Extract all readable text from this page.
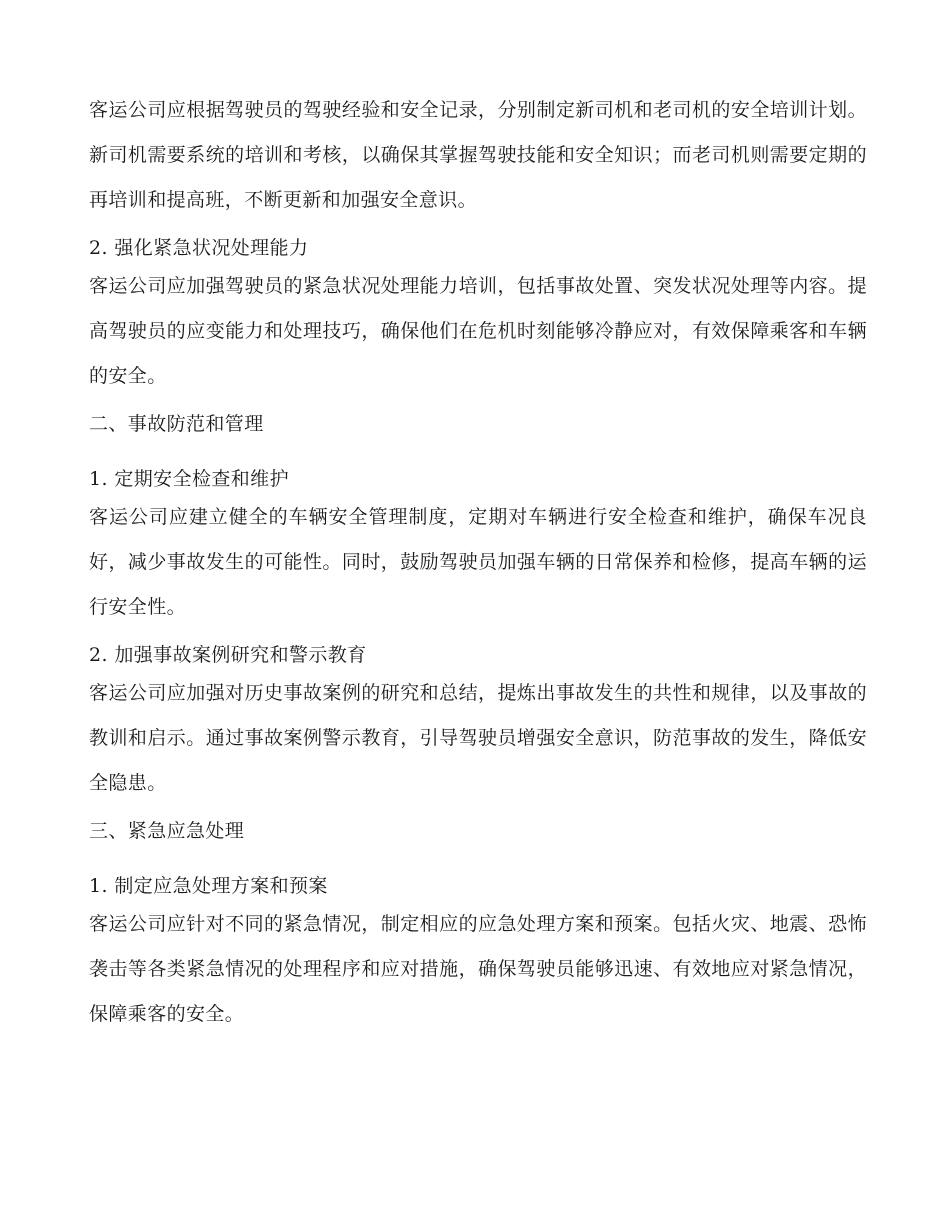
客运公司应根据驾驶员的驾驶经验和安全记录，分别制定新司机和老司机的安全培训计划。新司机需要系统的培训和考核，以确保其掌握驾驶技能和安全知识；而老司机则需要定期的再培训和提高班，不断更新和加强安全意识。

2. 强化紧急状况处理能力

客运公司应加强驾驶员的紧急状况处理能力培训，包括事故处置、突发状况处理等内容。提高驾驶员的应变能力和处理技巧，确保他们在危机时刻能够冷静应对，有效保障乘客和车辆的安全。

二、事故防范和管理

1. 定期安全检查和维护

客运公司应建立健全的车辆安全管理制度，定期对车辆进行安全检查和维护，确保车况良好，减少事故发生的可能性。同时，鼓励驾驶员加强车辆的日常保养和检修，提高车辆的运行安全性。

2. 加强事故案例研究和警示教育

客运公司应加强对历史事故案例的研究和总结，提炼出事故发生的共性和规律，以及事故的教训和启示。通过事故案例警示教育，引导驾驶员增强安全意识，防范事故的发生，降低安全隐患。

三、紧急应急处理

1. 制定应急处理方案和预案

客运公司应针对不同的紧急情况，制定相应的应急处理方案和预案。包括火灾、地震、恐怖袭击等各类紧急情况的处理程序和应对措施，确保驾驶员能够迅速、有效地应对紧急情况，保障乘客的安全。
